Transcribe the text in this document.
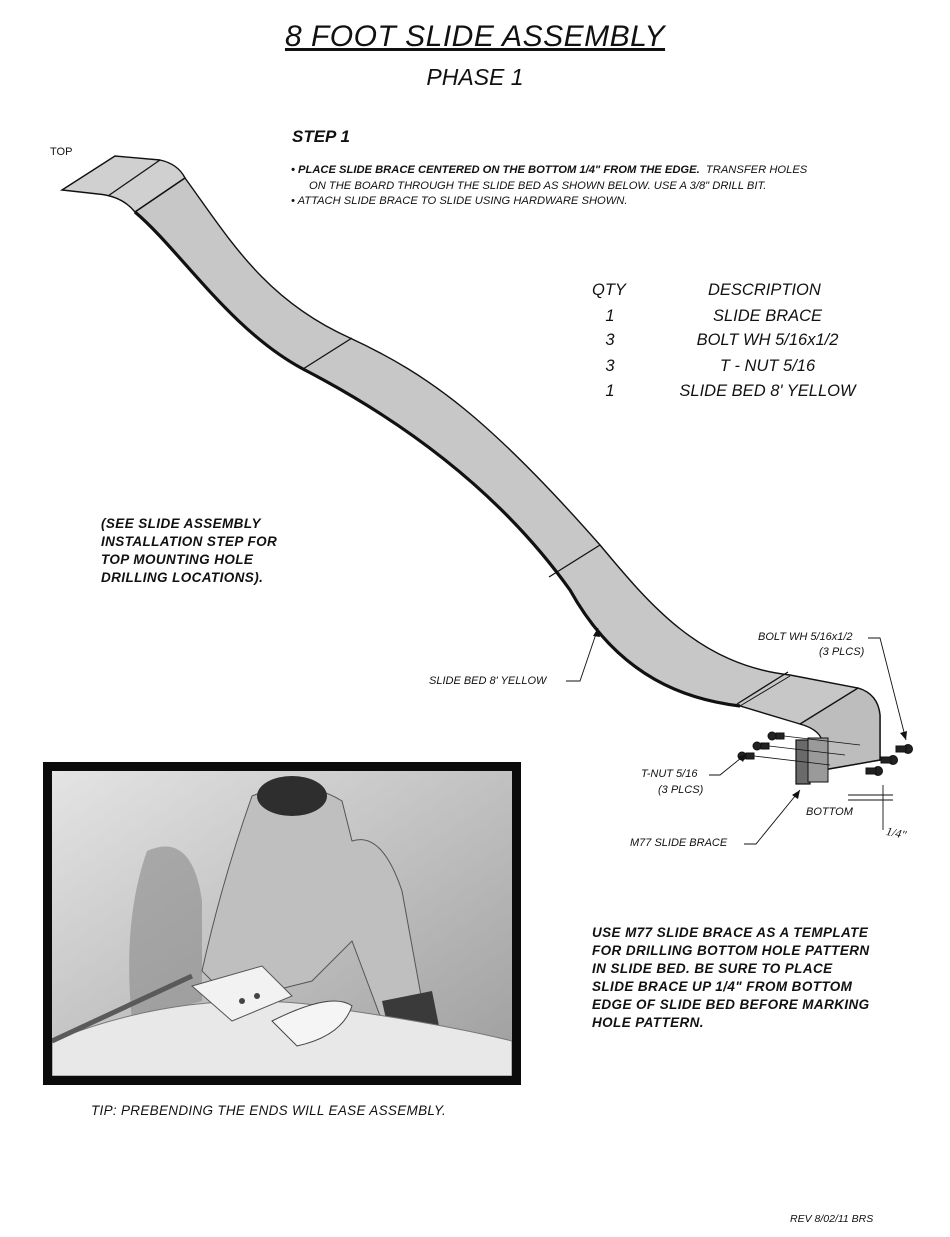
8 FOOT SLIDE ASSEMBLY
PHASE 1
TOP
SLIDE BED 8' YELLOW
BOLT WH 5/16x1/2
(3 PLCS)
T-NUT 5/16
(3 PLCS)
BOTTOM
1/4"
M77 SLIDE BRACE
STEP 1
• PLACE SLIDE BRACE CENTERED ON THE BOTTOM 1/4" FROM THE EDGE.  TRANSFER HOLES
ON THE BOARD THROUGH THE SLIDE BED AS SHOWN BELOW. USE A 3/8" DRILL BIT.
• ATTACH SLIDE BRACE TO SLIDE USING HARDWARE SHOWN.
QTY	DESCRIPTION
1	SLIDE BRACE
3	BOLT WH 5/16x1/2
3	T - NUT 5/16
1	SLIDE BED 8' YELLOW
(SEE SLIDE ASSEMBLY
INSTALLATION STEP FOR
TOP MOUNTING HOLE
DRILLING LOCATIONS).
TIP: PREBENDING THE ENDS WILL EASE ASSEMBLY.
USE M77 SLIDE BRACE AS A TEMPLATE
FOR DRILLING BOTTOM HOLE PATTERN
IN SLIDE BED. BE SURE TO PLACE
SLIDE BRACE UP 1/4" FROM BOTTOM
EDGE OF SLIDE BED BEFORE MARKING
HOLE PATTERN.
REV 8/02/11 BRS
